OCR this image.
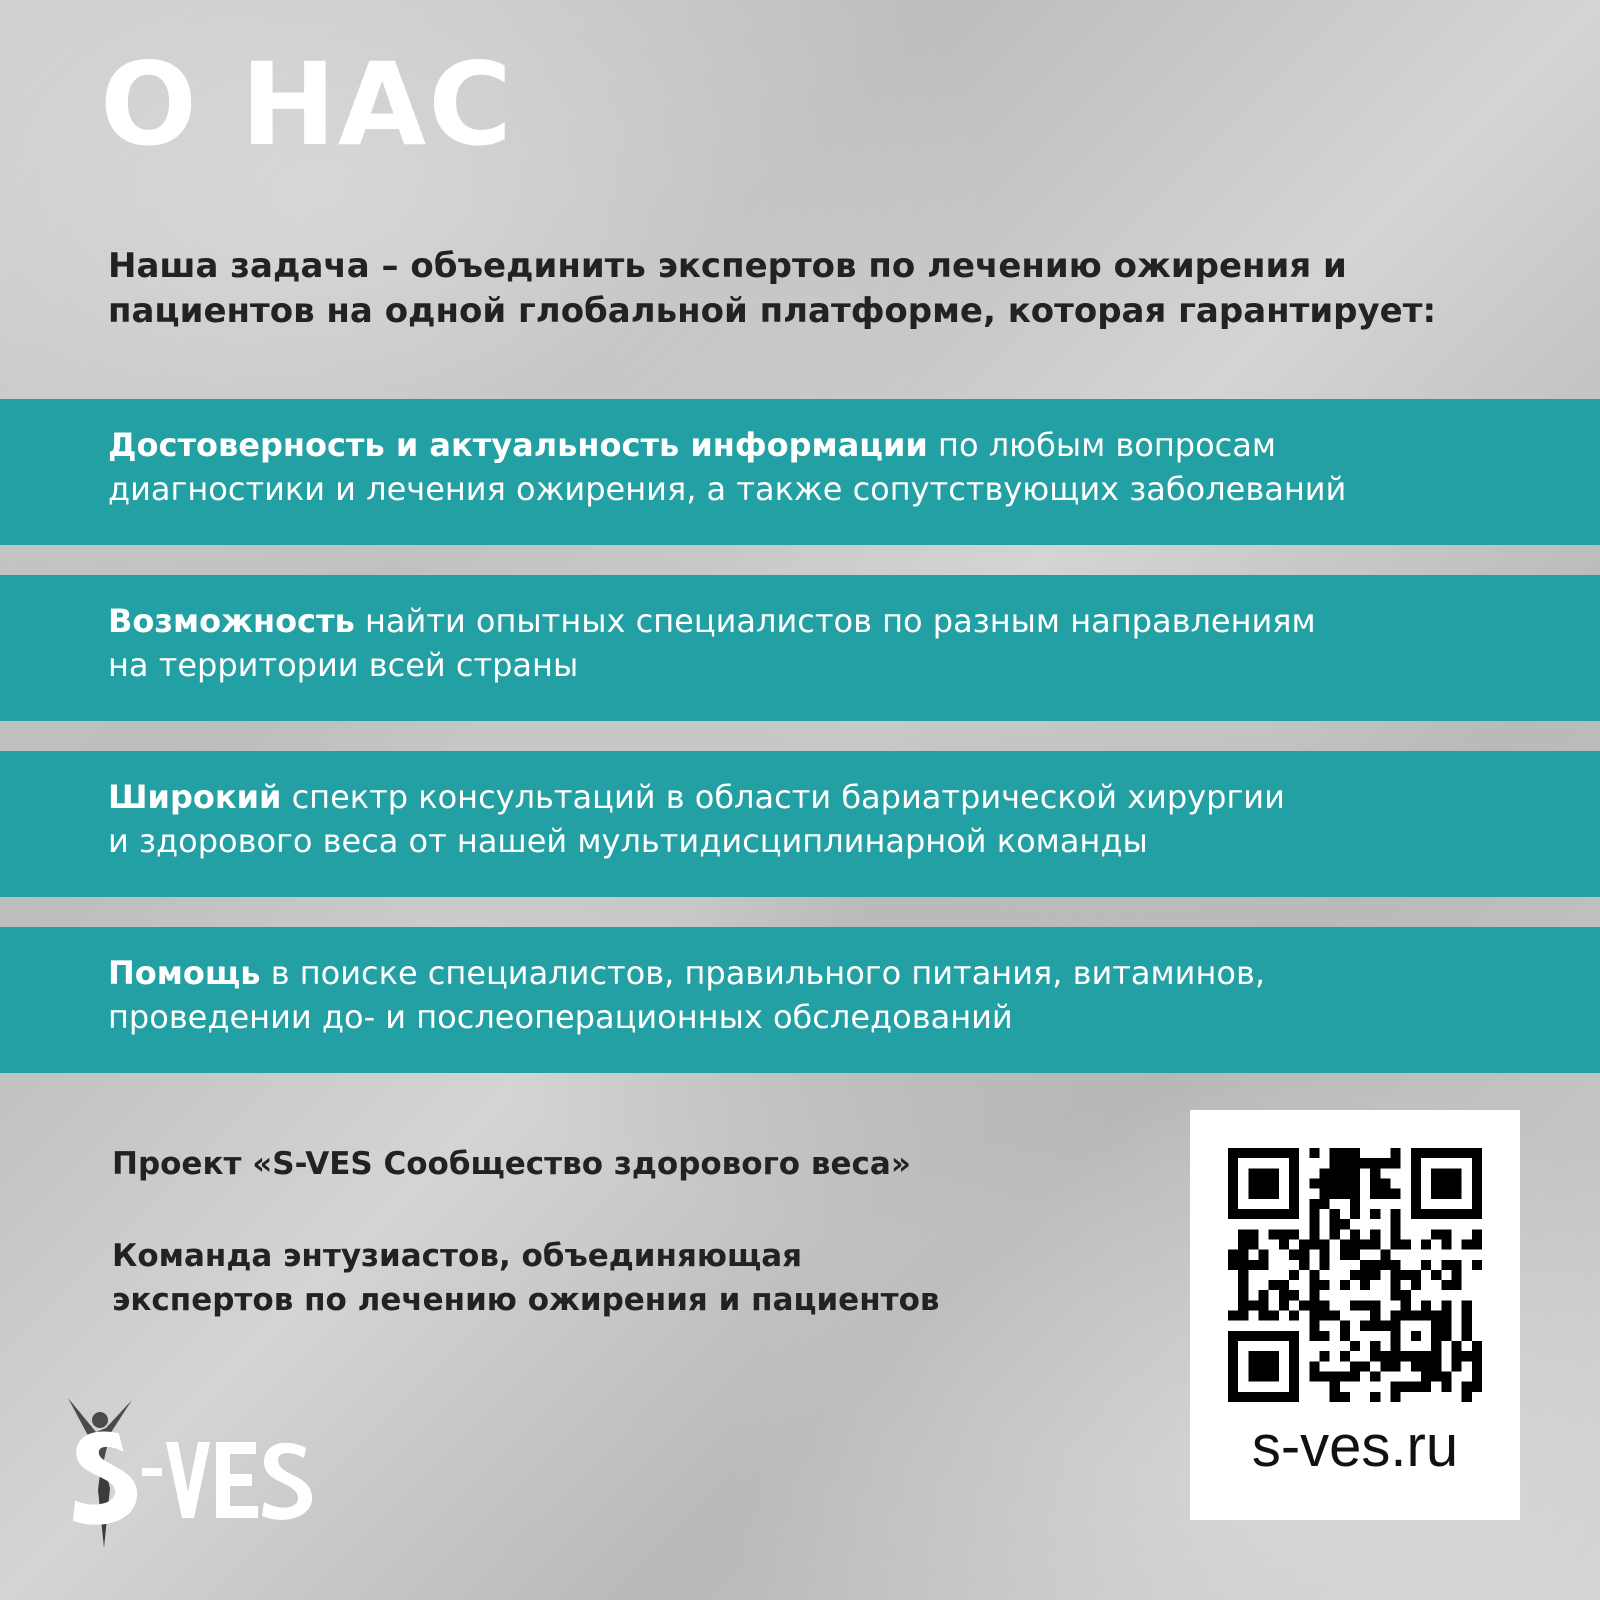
О НАС
Наша задача – объединить экспертов по лечению ожирения и
пациентов на одной глобальной платформе, которая гарантирует:
Достоверность и актуальность информации по любым вопросам
диагностики и лечения ожирения, а также сопутствующих заболеваний
Возможность найти опытных специалистов по разным направлениям
на территории всей страны
Широкий спектр консультаций в области бариатрической хирургии
и здорового веса от нашей мультидисциплинарной команды
Помощь в поиске специалистов, правильного питания, витаминов,
проведении до- и послеоперационных обследований
Проект «S-VES Сообщество здорового веса»
Команда энтузиастов, объединяющая
экспертов по лечению ожирения и пациентов
s-ves.ru
